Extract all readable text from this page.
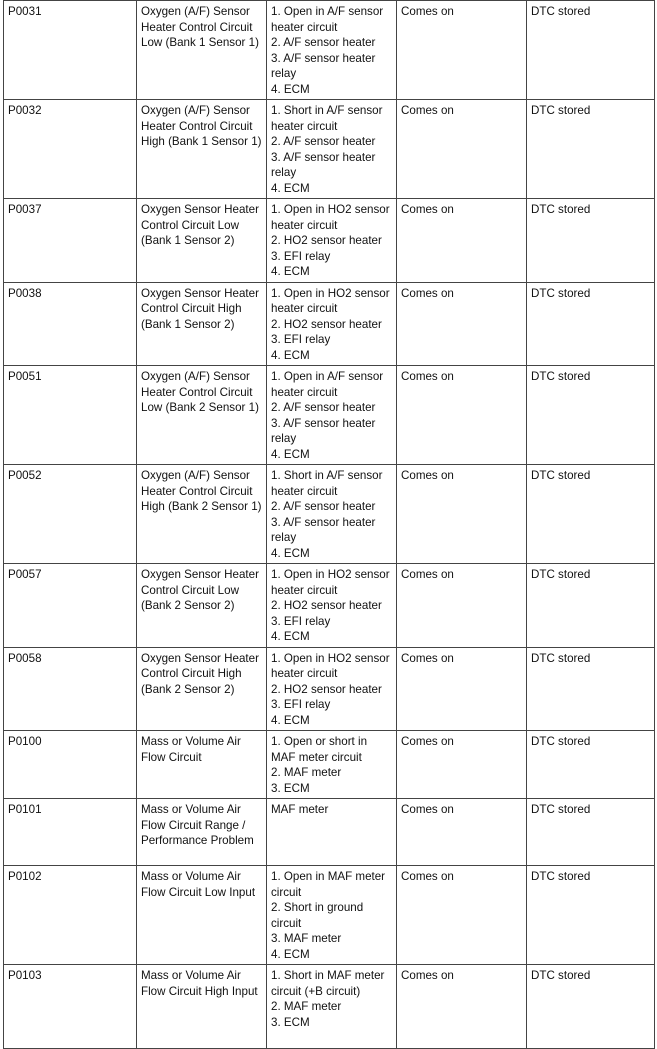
P0031	Oxygen (A/F) Sensor Heater Control Circuit Low (Bank 1 Sensor 1)	1. Open in A/F sensor heater circuit
2. A/F sensor heater
3. A/F sensor heater relay
4. ECM	Comes on	DTC stored
P0032	Oxygen (A/F) Sensor Heater Control Circuit High (Bank 1 Sensor 1)	1. Short in A/F sensor heater circuit
2. A/F sensor heater
3. A/F sensor heater relay
4. ECM	Comes on	DTC stored
P0037	Oxygen Sensor Heater Control Circuit Low (Bank 1 Sensor 2)	1. Open in HO2 sensor heater circuit
2. HO2 sensor heater
3. EFI relay
4. ECM	Comes on	DTC stored
P0038	Oxygen Sensor Heater Control Circuit High (Bank 1 Sensor 2)	1. Open in HO2 sensor heater circuit
2. HO2 sensor heater
3. EFI relay
4. ECM	Comes on	DTC stored
P0051	Oxygen (A/F) Sensor Heater Control Circuit Low (Bank 2 Sensor 1)	1. Open in A/F sensor heater circuit
2. A/F sensor heater
3. A/F sensor heater relay
4. ECM	Comes on	DTC stored
P0052	Oxygen (A/F) Sensor Heater Control Circuit High (Bank 2 Sensor 1)	1. Short in A/F sensor heater circuit
2. A/F sensor heater
3. A/F sensor heater relay
4. ECM	Comes on	DTC stored
P0057	Oxygen Sensor Heater Control Circuit Low (Bank 2 Sensor 2)	1. Open in HO2 sensor heater circuit
2. HO2 sensor heater
3. EFI relay
4. ECM	Comes on	DTC stored
P0058	Oxygen Sensor Heater Control Circuit High (Bank 2 Sensor 2)	1. Open in HO2 sensor heater circuit
2. HO2 sensor heater
3. EFI relay
4. ECM	Comes on	DTC stored
P0100	Mass or Volume Air Flow Circuit	1. Open or short in MAF meter circuit
2. MAF meter
3. ECM	Comes on	DTC stored
P0101	Mass or Volume Air Flow Circuit Range / Performance Problem	MAF meter	Comes on	DTC stored
P0102	Mass or Volume Air Flow Circuit Low Input	1. Open in MAF meter circuit
2. Short in ground circuit
3. MAF meter
4. ECM	Comes on	DTC stored
P0103	Mass or Volume Air Flow Circuit High Input	1. Short in MAF meter circuit (+B circuit)
2. MAF meter
3. ECM	Comes on	DTC stored
